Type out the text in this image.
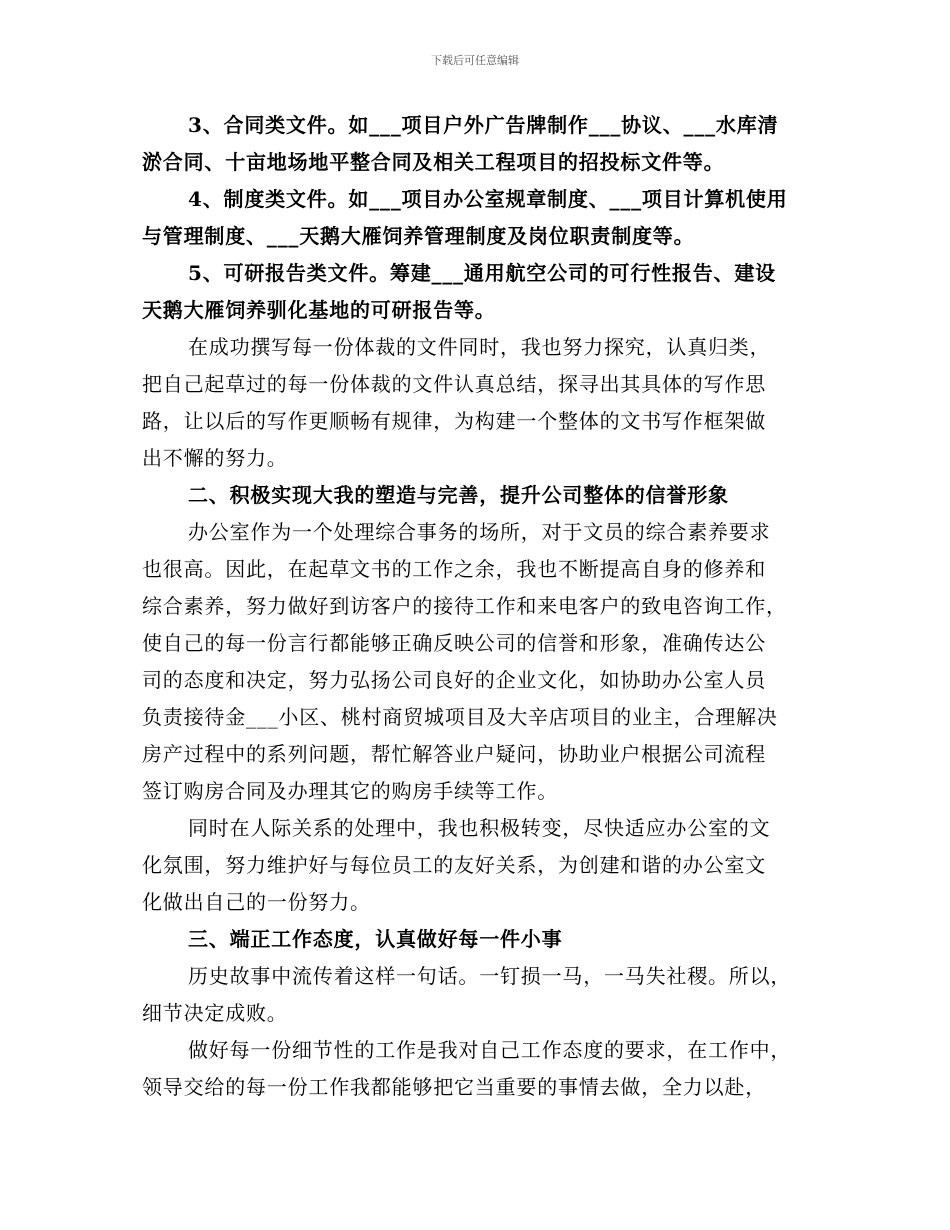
下载后可任意编辑
3、合同类文件。如___项目户外广告牌制作___协议、___水库清
淤合同、十亩地场地平整合同及相关工程项目的招投标文件等。
4、制度类文件。如___项目办公室规章制度、___项目计算机使用
与管理制度、___天鹅大雁饲养管理制度及岗位职责制度等。
5、可研报告类文件。筹建___通用航空公司的可行性报告、建设
天鹅大雁饲养驯化基地的可研报告等。
在成功撰写每一份体裁的文件同时，我也努力探究，认真归类，
把自己起草过的每一份体裁的文件认真总结，探寻出其具体的写作思
路，让以后的写作更顺畅有规律，为构建一个整体的文书写作框架做
出不懈的努力。
二、积极实现大我的塑造与完善，提升公司整体的信誉形象
办公室作为一个处理综合事务的场所，对于文员的综合素养要求
也很高。因此，在起草文书的工作之余，我也不断提高自身的修养和
综合素养，努力做好到访客户的接待工作和来电客户的致电咨询工作，
使自己的每一份言行都能够正确反映公司的信誉和形象，准确传达公
司的态度和决定，努力弘扬公司良好的企业文化，如协助办公室人员
负责接待金___小区、桃村商贸城项目及大辛店项目的业主，合理解决
房产过程中的系列问题，帮忙解答业户疑问，协助业户根据公司流程
签订购房合同及办理其它的购房手续等工作。
同时在人际关系的处理中，我也积极转变，尽快适应办公室的文
化氛围，努力维护好与每位员工的友好关系，为创建和谐的办公室文
化做出自己的一份努力。
三、端正工作态度，认真做好每一件小事
历史故事中流传着这样一句话。一钉损一马，一马失社稷。所以，
细节决定成败。
做好每一份细节性的工作是我对自己工作态度的要求，在工作中，
领导交给的每一份工作我都能够把它当重要的事情去做，全力以赴，
